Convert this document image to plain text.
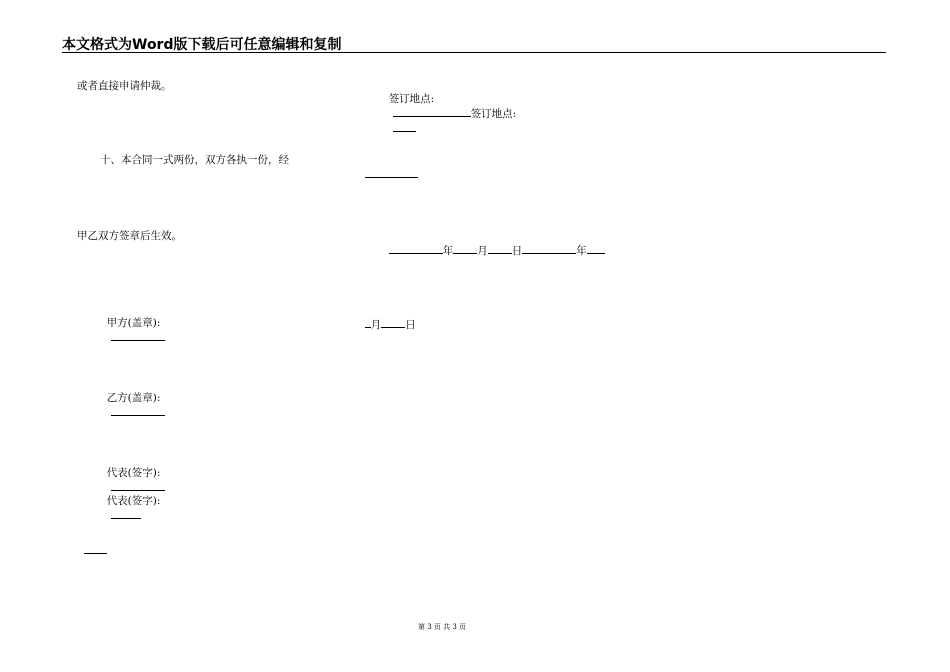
本文格式为Word版下载后可任意编辑和复制
或者直接申请仲裁。
十、本合同一式两份，双方各执一份，经
甲乙双方签章后生效。

甲方(盖章):

乙方(盖章):

代表(签字):

代表(签字):

签订地点:
签订地点:

年 月 日	年

月 日

第 3 页 共 3 页
